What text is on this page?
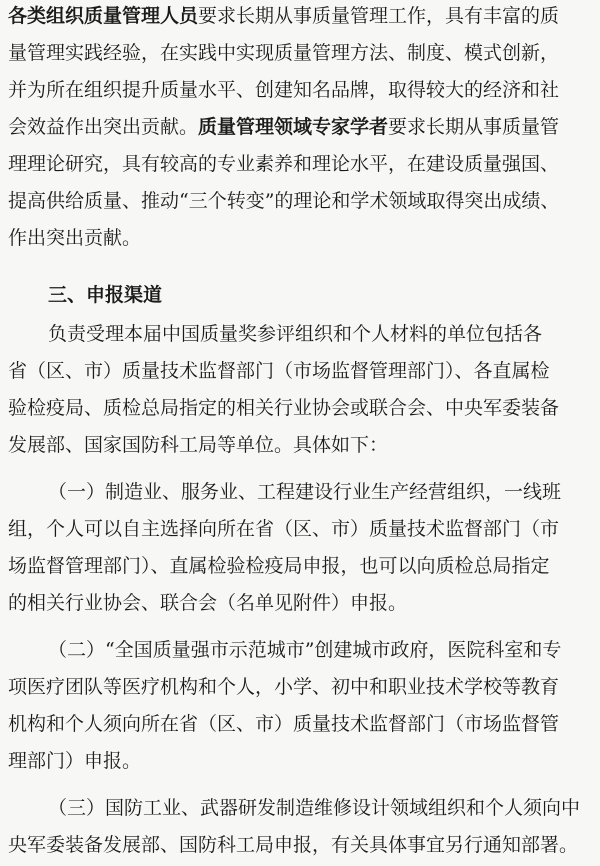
各类组织质量管理人员要求长期从事质量管理工作，具有丰富的质
量管理实践经验，在实践中实现质量管理方法、制度、模式创新，
并为所在组织提升质量水平、创建知名品牌，取得较大的经济和社
会效益作出突出贡献。质量管理领域专家学者要求长期从事质量管
理理论研究，具有较高的专业素养和理论水平，在建设质量强国、
提高供给质量、推动“三个转变”的理论和学术领域取得突出成绩、
作出突出贡献。
三、申报渠道
负责受理本届中国质量奖参评组织和个人材料的单位包括各
省（区、市）质量技术监督部门（市场监督管理部门）、各直属检
验检疫局、质检总局指定的相关行业协会或联合会、中央军委装备
发展部、国家国防科工局等单位。具体如下：
（一）制造业、服务业、工程建设行业生产经营组织，一线班
组，个人可以自主选择向所在省（区、市）质量技术监督部门（市
场监督管理部门）、直属检验检疫局申报，也可以向质检总局指定
的相关行业协会、联合会（名单见附件）申报。
（二）“全国质量强市示范城市”创建城市政府，医院科室和专
项医疗团队等医疗机构和个人，小学、初中和职业技术学校等教育
机构和个人须向所在省（区、市）质量技术监督部门（市场监督管
理部门）申报。
（三）国防工业、武器研发制造维修设计领域组织和个人须向中
央军委装备发展部、国防科工局申报，有关具体事宜另行通知部署。
